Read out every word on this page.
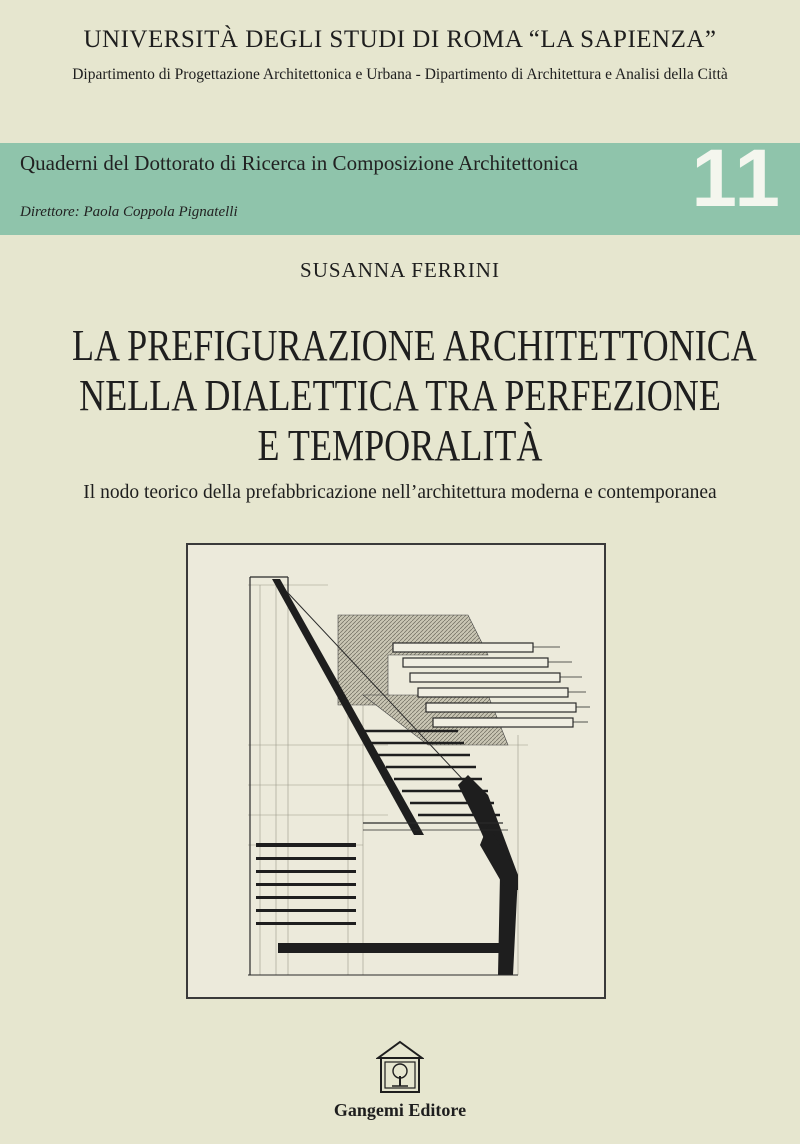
UNIVERSITÀ DEGLI STUDI DI ROMA “LA SAPIENZA”
Dipartimento di Progettazione Architettonica e Urbana - Dipartimento di Architettura e Analisi della Città
Quaderni del Dottorato di Ricerca in Composizione Architettonica
Direttore: Paola Coppola Pignatelli	11
SUSANNA FERRINI
LA PREFIGURAZIONE ARCHITETTONICA
NELLA DIALETTICA TRA PERFEZIONE
E TEMPORALITÀ
Il nodo teorico della prefabbricazione nell’architettura moderna e contemporanea
Gangemi Editore
